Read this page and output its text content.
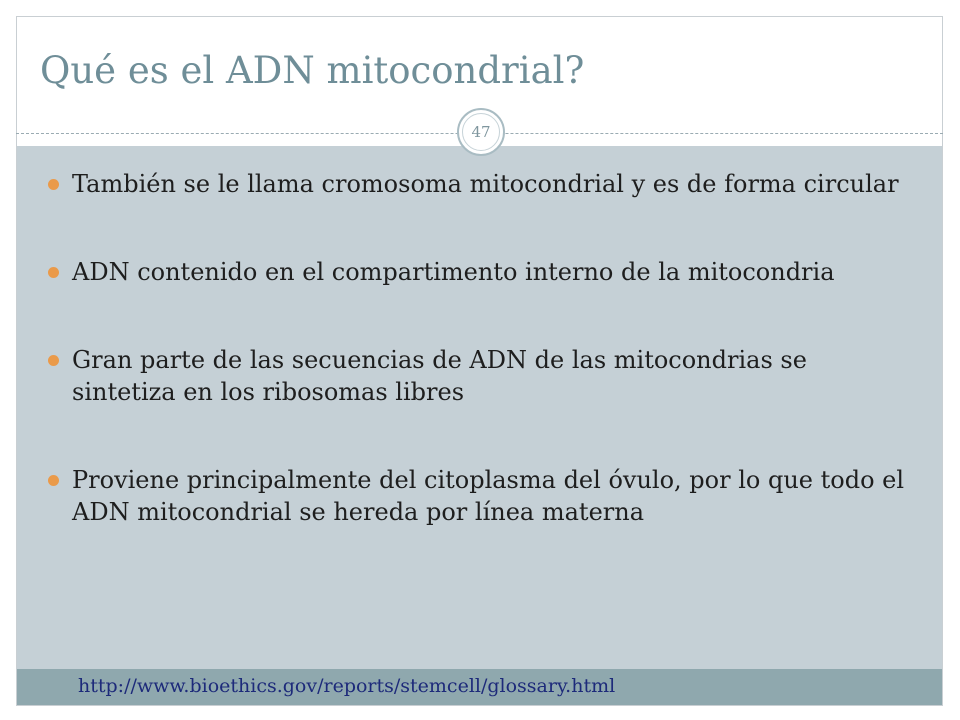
Qué es el ADN mitocondrial?
47
También se le llama cromosoma mitocondrial y es de forma circular
ADN contenido en el compartimento interno de la mitocondria
Gran parte de las secuencias de ADN de las mitocondrias se sintetiza en los ribosomas libres
Proviene principalmente del citoplasma del óvulo, por lo que todo el ADN mitocondrial se hereda por línea materna
http://www.bioethics.gov/reports/stemcell/glossary.html
